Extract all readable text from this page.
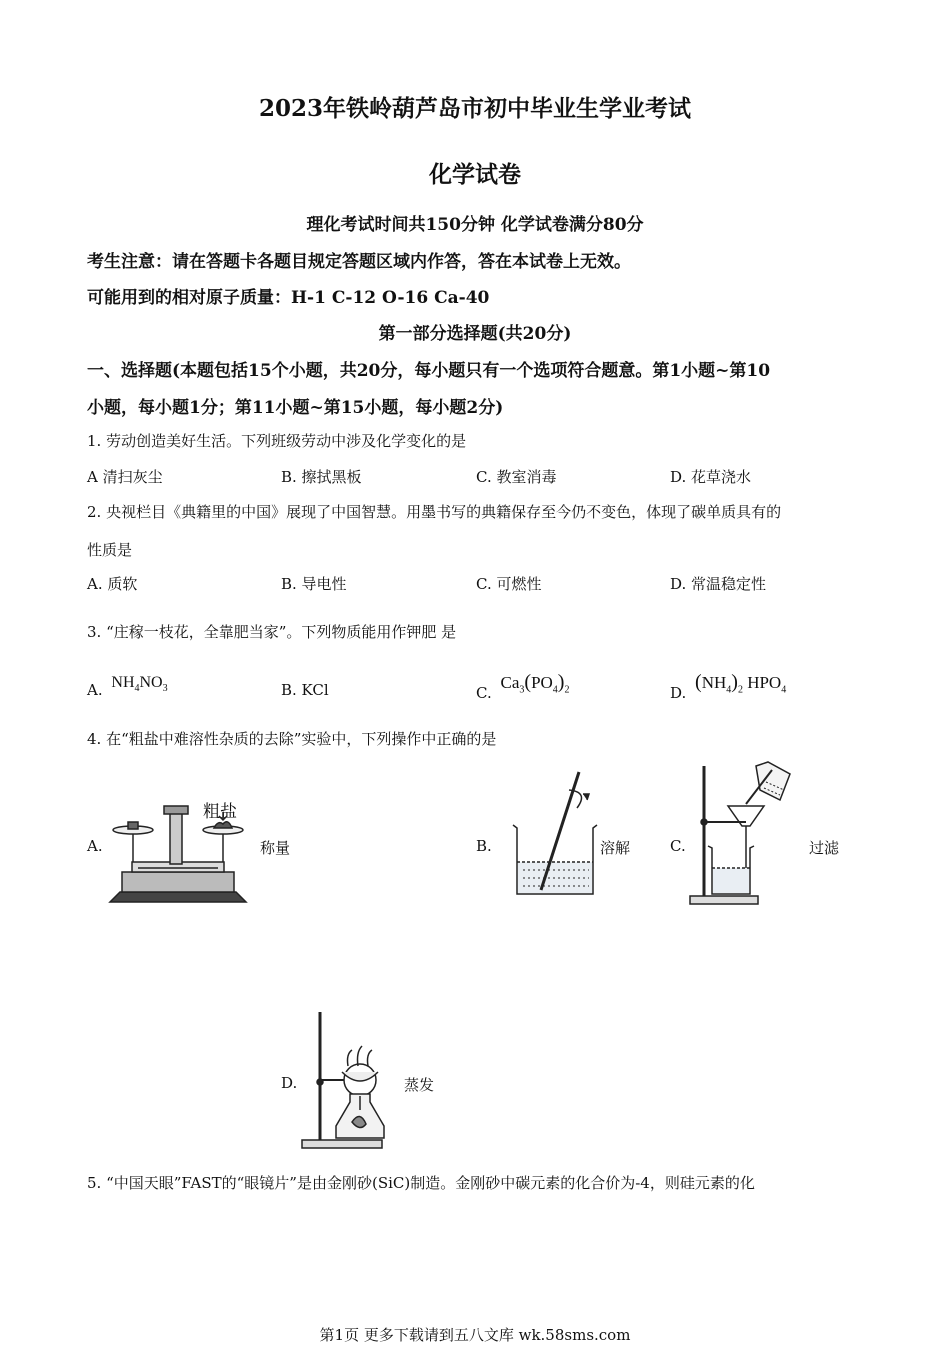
2023年铁岭葫芦岛市初中毕业生学业考试
化学试卷
理化考试时间共150分钟 化学试卷满分80分
考生注意：请在答题卡各题目规定答题区域内作答，答在本试卷上无效。
可能用到的相对原子质量：H-1 C-12 O-16 Ca-40
第一部分选择题(共20分)
一、选择题(本题包括15个小题，共20分，每小题只有一个选项符合题意。第1小题~第10
小题，每小题1分；第11小题~第15小题，每小题2分)
1. 劳动创造美好生活。下列班级劳动中涉及化学变化的是
A 清扫灰尘	B. 擦拭黑板	C. 教室消毒	D. 花草浇水
2. 央视栏目《典籍里的中国》展现了中国智慧。用墨书写的典籍保存至今仍不变色，体现了碳单质具有的
性质是
A. 质软	B. 导电性	C. 可燃性	D. 常温稳定性
3. “庄稼一枝花，全靠肥当家”。下列物质能用作钾肥 是
A. $NH_4NO_3$	B. KCl	C. $Ca_3(PO_4)_2$	D. $(NH_4)_2$ $HPO_4$
4. 在“粗盐中难溶性杂质的去除”实验中，下列操作中正确的是
A.
粗盐
称量	B.	溶解	C.	过滤
D.	蒸发
5. “中国天眼”FAST的“眼镜片”是由金刚砂(SiC)制造。金刚砂中碳元素的化合价为-4，则硅元素的化
第1页 更多下载请到五八文库 wk.58sms.com
